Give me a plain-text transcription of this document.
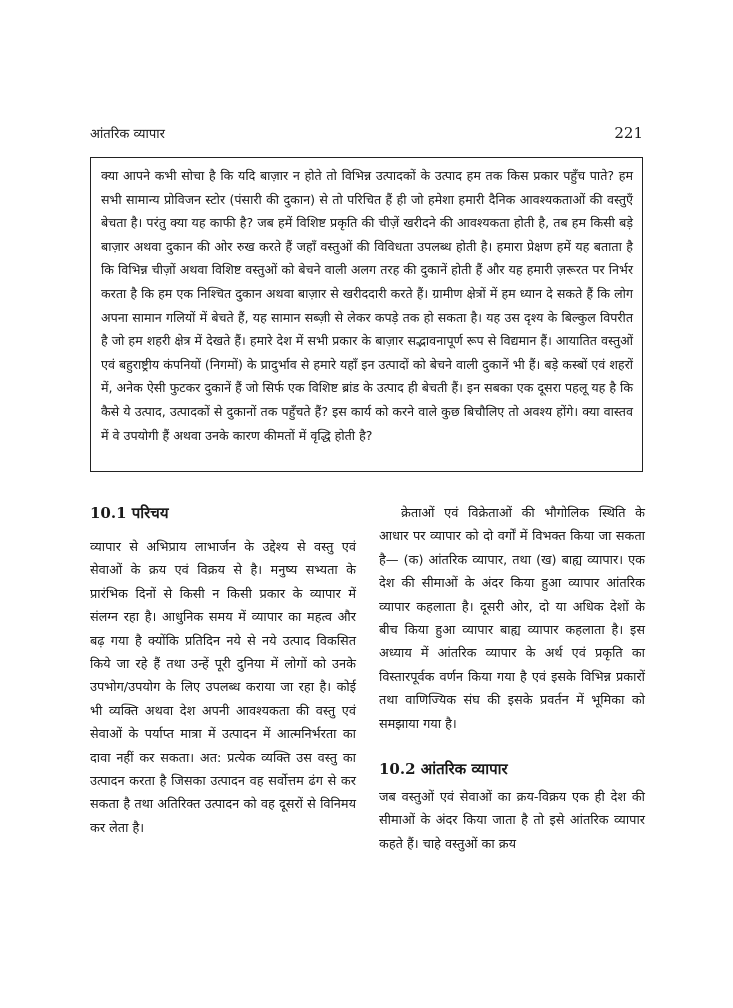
आंतरिक व्यापार	221

क्या आपने कभी सोचा है कि यदि बाज़ार न होते तो विभिन्न उत्पादकों के उत्पाद हम तक किस प्रकार पहुँच पाते? हम सभी सामान्य प्रोविजन स्टोर (पंसारी की दुकान) से तो परिचित हैं ही जो हमेशा हमारी दैनिक आवश्यकताओं की वस्तुएँ बेचता है। परंतु क्या यह काफी है? जब हमें विशिष्ट प्रकृति की चीज़ें खरीदने की आवश्यकता होती है, तब हम किसी बड़े बाज़ार अथवा दुकान की ओर रुख करते हैं जहाँ वस्तुओं की विविधता उपलब्ध होती है। हमारा प्रेक्षण हमें यह बताता है कि विभिन्न चीज़ों अथवा विशिष्ट वस्तुओं को बेचने वाली अलग तरह की दुकानें होती हैं और यह हमारी ज़रूरत पर निर्भर करता है कि हम एक निश्चित दुकान अथवा बाज़ार से खरीददारी करते हैं। ग्रामीण क्षेत्रों में हम ध्यान दे सकते हैं कि लोग अपना सामान गलियों में बेचते हैं, यह सामान सब्ज़ी से लेकर कपड़े तक हो सकता है। यह उस दृश्य के बिल्कुल विपरीत है जो हम शहरी क्षेत्र में देखते हैं। हमारे देश में सभी प्रकार के बाज़ार सद्भावनापूर्ण रूप से विद्यमान हैं। आयातित वस्तुओं एवं बहुराष्ट्रीय कंपनियों (निगमों) के प्रादुर्भाव से हमारे यहाँ इन उत्पादों को बेचने वाली दुकानें भी हैं। बड़े कस्बों एवं शहरों में, अनेक ऐसी फुटकर दुकानें हैं जो सिर्फ एक विशिष्ट ब्रांड के उत्पाद ही बेचती हैं। इन सबका एक दूसरा पहलू यह है कि कैसे ये उत्पाद, उत्पादकों से दुकानों तक पहुँचते हैं? इस कार्य को करने वाले कुछ बिचौलिए तो अवश्य होंगे। क्या वास्तव में वे उपयोगी हैं अथवा उनके कारण कीमतों में वृद्धि होती है?

10.1 परिचय

व्यापार से अभिप्राय लाभार्जन के उद्देश्य से वस्तु एवं सेवाओं के क्रय एवं विक्रय से है। मनुष्य सभ्यता के प्रारंभिक दिनों से किसी न किसी प्रकार के व्यापार में संलग्न रहा है। आधुनिक समय में व्यापार का महत्व और बढ़ गया है क्योंकि प्रतिदिन नये से नये उत्पाद विकसित किये जा रहे हैं तथा उन्हें पूरी दुनिया में लोगों को उनके उपभोग/उपयोग के लिए उपलब्ध कराया जा रहा है। कोई भी व्यक्ति अथवा देश अपनी आवश्यकता की वस्तु एवं सेवाओं के पर्याप्त मात्रा में उत्पादन में आत्मनिर्भरता का दावा नहीं कर सकता। अत: प्रत्येक व्यक्ति उस वस्तु का उत्पादन करता है जिसका उत्पादन वह सर्वोत्तम ढंग से कर सकता है तथा अतिरिक्त उत्पादन को वह दूसरों से विनिमय कर लेता है।

क्रेताओं एवं विक्रेताओं की भौगोलिक स्थिति के आधार पर व्यापार को दो वर्गों में विभक्त किया जा सकता है— (क) आंतरिक व्यापार, तथा (ख) बाह्य व्यापार। एक देश की सीमाओं के अंदर किया हुआ व्यापार आंतरिक व्यापार कहलाता है। दूसरी ओर, दो या अधिक देशों के बीच किया हुआ व्यापार बाह्य व्यापार कहलाता है। इस अध्याय में आंतरिक व्यापार के अर्थ एवं प्रकृति का विस्तारपूर्वक वर्णन किया गया है एवं इसके विभिन्न प्रकारों तथा वाणिज्यिक संघ की इसके प्रवर्तन में भूमिका को समझाया गया है।

10.2 आंतरिक व्यापार

जब वस्तुओं एवं सेवाओं का क्रय-विक्रय एक ही देश की सीमाओं के अंदर किया जाता है तो इसे आंतरिक व्यापार कहते हैं। चाहे वस्तुओं का क्रय
